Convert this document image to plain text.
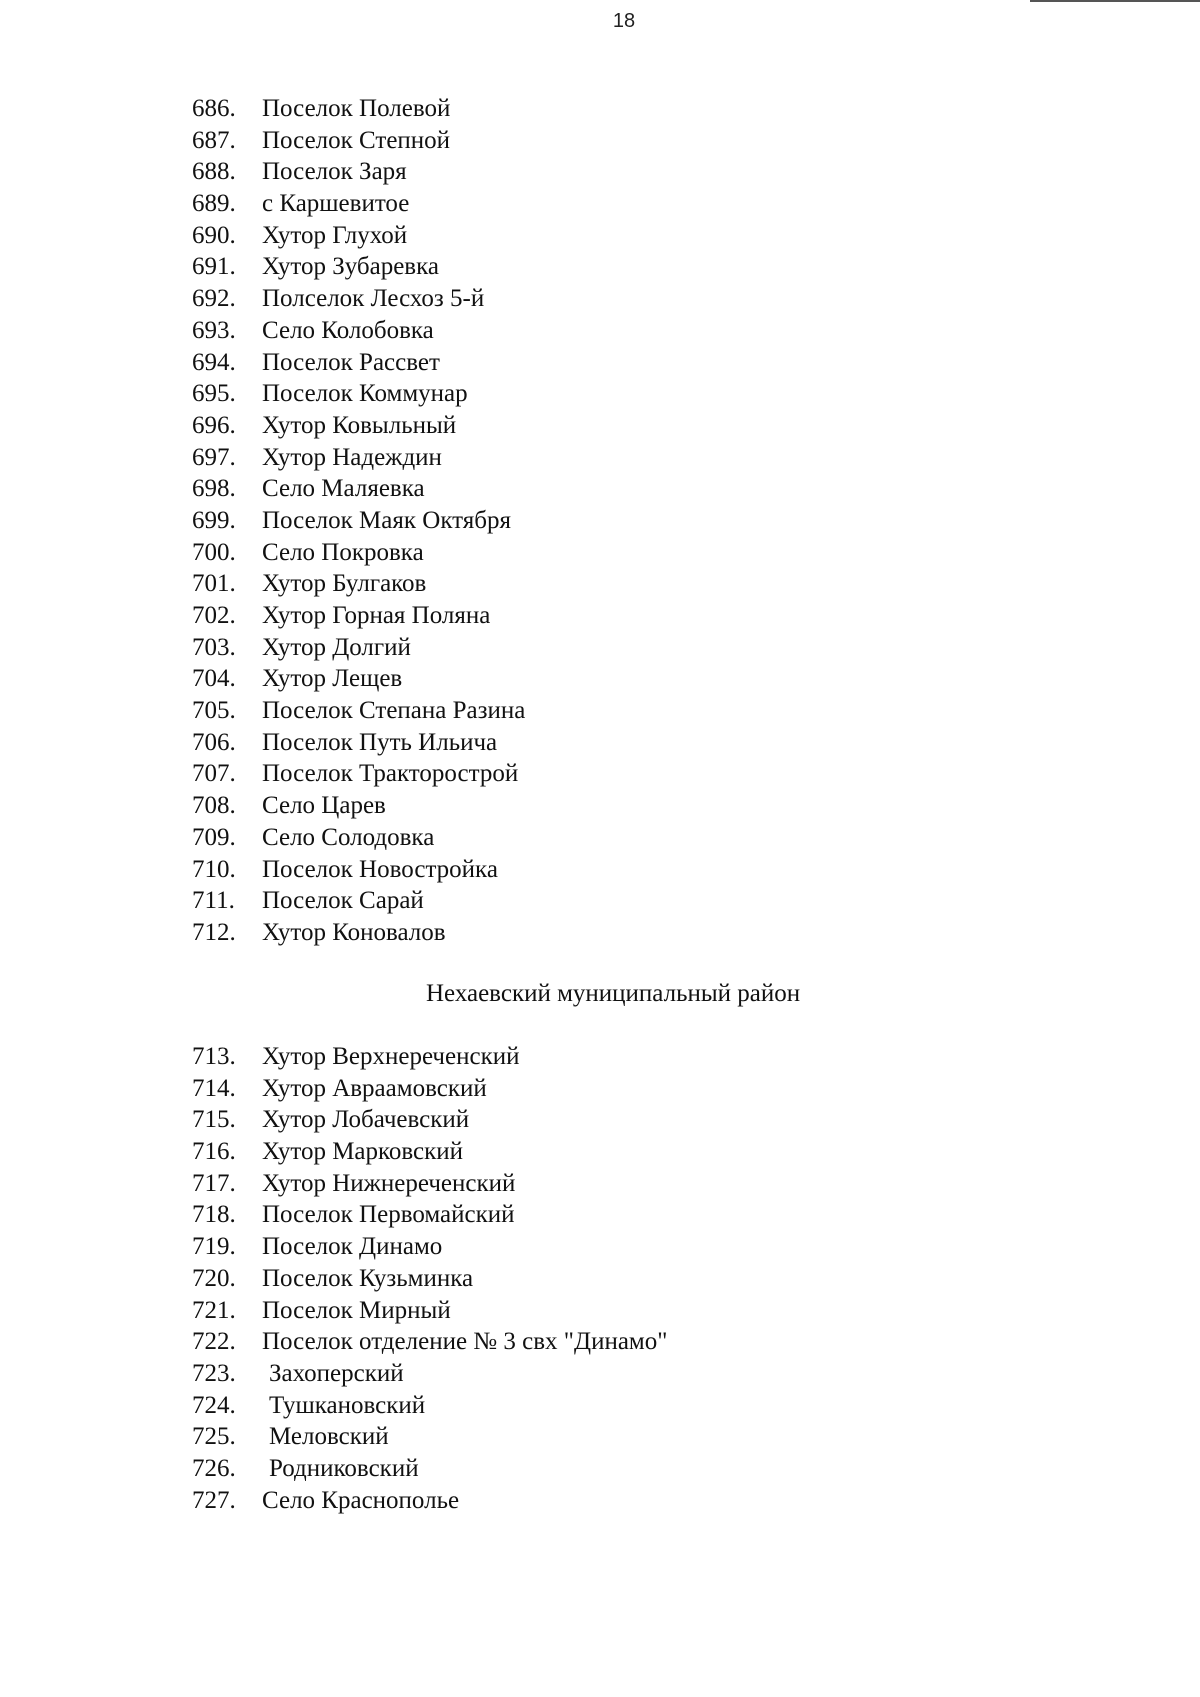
18
686. Поселок Полевой
687. Поселок Степной
688. Поселок Заря
689. с Каршевитое
690. Хутор Глухой
691. Хутор Зубаревка
692. Полселок Лесхоз 5-й
693. Село Колобовка
694. Поселок Рассвет
695. Поселок Коммунар
696. Хутор Ковыльный
697. Хутор Надеждин
698. Село Маляевка
699. Поселок Маяк Октября
700. Село Покровка
701. Хутор Булгаков
702. Хутор Горная Поляна
703. Хутор Долгий
704. Хутор Лещев
705. Поселок Степана Разина
706. Поселок Путь Ильича
707. Поселок Тракторострой
708. Село Царев
709. Село Солодовка
710. Поселок Новостройка
711. Поселок Сарай
712. Хутор Коновалов
Нехаевский муниципальный район
713. Хутор Верхнереченский
714. Хутор Авраамовский
715. Хутор Лобачевский
716. Хутор Марковский
717. Хутор Нижнереченский
718. Поселок Первомайский
719. Поселок Динамо
720. Поселок Кузьминка
721. Поселок Мирный
722. Поселок отделение № 3 свх "Динамо"
723. Захоперский
724. Тушкановский
725. Меловский
726. Родниковский
727. Село Краснополье
